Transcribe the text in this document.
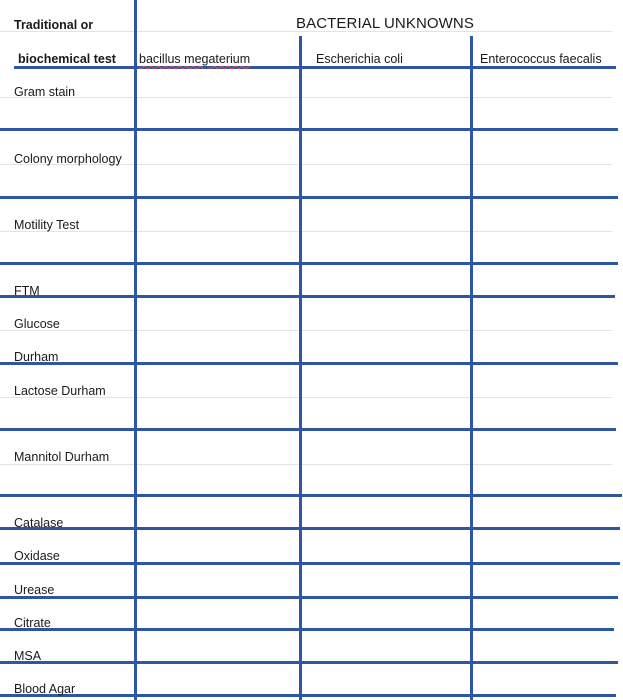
BACTERIAL UNKNOWNS
Traditional or
biochemical test bacillus megaterium	Escherichia coli	Enterococcus faecalis
Gram stain
Colony morphology
Motility Test
FTM
Glucose
Durham
Lactose Durham
Mannitol Durham
Catalase
Oxidase
Urease
Citrate
MSA
Blood Agar
